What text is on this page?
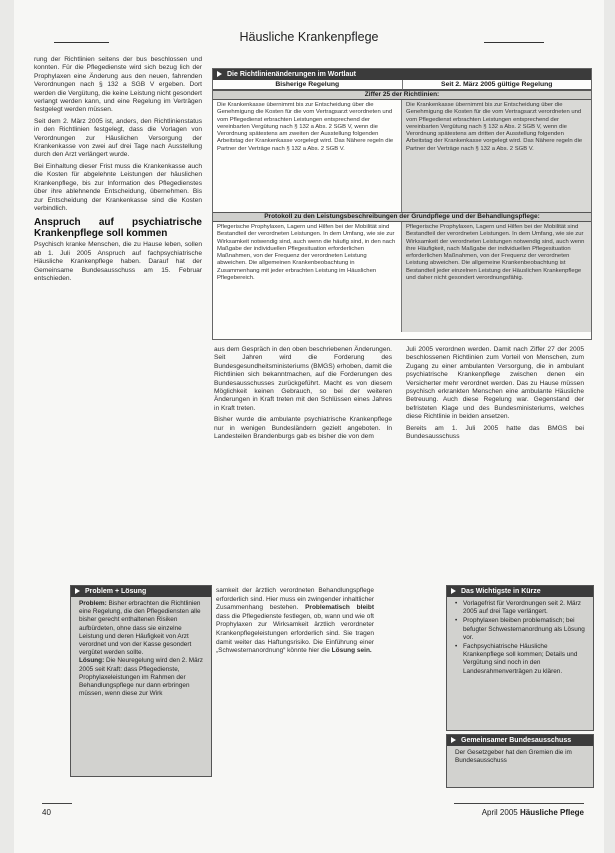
Häusliche Krankenpflege

rung der Richtlinien seitens der bus beschlossen und konnten. Für die Pflegedienste wird sich bezug lich der Prophylaxen eine Änderung aus den neuen, fahrenden Verordnungen nach § 132 a SGB V ergeben. Dort werden die Vergütung, die keine Leistung nicht gesondert verlangt werden kann, und eine Regelung im Verträgen festgelegt werden müssen.

Seit dem 2. März 2005 ist, anders, den Richtlinienstatus in den Richtlinien festgelegt, dass die Vorlagen von Verordnungen zur Häuslichen Versorgung der Krankenkasse von zwei auf drei Tage nach Ausstellung durch den Arzt verlängert wurde.

Bei Einhaltung dieser Frist muss die Krankenkasse auch die Kosten für abgelehnte Leistungen der häuslichen Krankenpflege, bis zur Information des Pflegedienstes über ihre ablehnende Entscheidung, übernehmen. Bis zur Entscheidung der Krankenkasse sind die Kosten verbindlich.

Anspruch auf psychiatrische Krankenpflege soll kommen

Psychisch kranke Menschen, die zu Hause leben, sollen ab 1. Juli 2005 Anspruch auf fachpsychiatrische Häusliche Krankenpflege haben. Darauf hat der Gemeinsame Bundesausschuss am 15. Februar entschieden.

Die Richtlinienänderungen im Wortlaut
Bisherige Regelung	Seit 2. März 2005 gültige Regelung
Ziffer 25 der Richtlinien:
Die Krankenkasse übernimmt bis zur Entscheidung über die Genehmigung die Kosten für die vom Vertragsarzt verordneten und vom Pflegedienst erbrachten Leistungen entsprechend der vereinbarten Vergütung nach § 132 a Abs. 2 SGB V, wenn die Verordnung spätestens am zweiten der Ausstellung folgenden Arbeitstag der Krankenkasse vorgelegt wird. Das Nähere regeln die Partner der Verträge nach § 132 a Abs. 2 SGB V.
Die Krankenkasse übernimmt bis zur Entscheidung über die Genehmigung die Kosten für die vom Vertragsarzt verordneten und vom Pflegedienst erbrachten Leistungen entsprechend der vereinbarten Vergütung nach § 132 a Abs. 2 SGB V, wenn die Verordnung spätestens am dritten der Ausstellung folgenden Arbeitstag der Krankenkasse vorgelegt wird. Das Nähere regeln die Partner der Verträge nach § 132 a Abs. 2 SGB V.
Protokoll zu den Leistungsbeschreibungen der Grundpflege und der Behandlungspflege:
Pflegerische Prophylaxen, Lagern und Hilfen bei der Mobilität sind Bestandteil der verordneten Leistungen. In dem Umfang, wie sie zur Wirksamkeit notwendig sind, auch wenn die häufig sind, in den nach Maßgabe der individuellen Pflegesituation erforderlichen Maßnahmen, von der Frequenz der verordneten Leistung abweichen. Die allgemeinen Krankenbeobachtung in Zusammenhang mit jeder erbrachten Leistung im Häuslichen Pflegebereich.
Pflegerische Prophylaxen, Lagern und Hilfen bei der Mobilität sind Bestandteil der verordneten Leistungen. In dem Umfang, wie sie zur Wirksamkeit der verordneten Leistungen notwendig sind, auch wenn ihre Häufigkeit, nach Maßgabe der individuellen Pflegesituation erforderlichen Maßnahmen, von der Frequenz der verordneten Leistung abweichen. Die allgemeine Krankenbeobachtung ist Bestandteil jeder einzelnen Leistung der Häuslichen Krankenpflege und daher nicht gesondert verordnungsfähig.

aus dem Gespräch in den oben beschriebenen Änderungen. Seit Jahren wird die Forderung des Bundesgesundheitsministeriums (BMGS) erhoben, damit die Richtlinien sich bekanntmachen, auf die Forderungen des Bundesausschusses zurückgeführt. Macht es von diesem Möglichkeit keinen Gebrauch, so bei der weiteren Änderungen in Kraft treten mit den Schlüssen eines Jahres in Kraft treten.

Bisher wurde die ambulante psychiatrische Krankenpflege nur in wenigen Bundesländern gezielt angeboten. In Landesteilen Brandenburgs gab es bisher die von dem

Juli 2005 verordnen werden. Damit nach Ziffer 27 der 2005 beschlossenen Richtlinien zum Vorteil von Menschen, zum Zugang zu einer ambulanten Versorgung, die in ambulant psychiatrische Krankenpflege zwischen denen ein Versicherter mehr verordnet werden. Das zu Hause müssen psychisch erkrankten Menschen eine ambulante Häusliche Betreuung. Auch diese Regelung war. Gegenstand der befristeten Klage und des Bundesministeriums, welches diese Richtlinie in beiden ansetzen.

Bereits am 1. Juli 2005 hatte das BMGS bei Bundesausschuss

Problem + Lösung
Problem: Bisher erbrachten die Richtlinien eine Regelung, die den Pflegediensten alle bisher gerecht enthaltenen Risiken aufbürdeten, ohne dass sie einzelne Leistung und deren Häufigkeit von Arzt verordnet und von der Kasse gesondert vergütet werden sollte.
Lösung: Die Neuregelung wird den 2. März 2005 seit Kraft: dass Pflegedienste, Prophylaxeleistungen im Rahmen der Behandlungspflege nur dann erbringen müssen, wenn diese zur Wirk
samkeit der ärztlich verordneten Behandlungspflege erforderlich sind. Hier muss ein zwingender inhaltlicher Zusammenhang bestehen. Problematisch bleibt dass die Pflegedienste festlegen, ob, wann und wie oft Prophylaxen zur Wirksamkeit ärztlich verordneter Krankenpflegeleistungen erforderlich sind. Sie tragen damit weiter das Haftungsrisiko. Die Einführung einer „Schwesternanordnung“ könnte hier die Lösung sein.
Das Wichtigste in Kürze
• Vorlagefrist für Verordnungen seit 2. März 2005 auf drei Tage verlängert.
• Prophylaxen bleiben problematisch; bei befugter Schwesternanordnung als Lösung vor.
• Fachpsychiatrische Häusliche Krankenpflege soll kommen; Details und Vergütung sind noch in den Landesrahmenverträgen zu klären.
Gemeinsamer Bundesausschuss
Der Gesetzgeber hat den Gremien die im Bundesausschuss
40	April 2005 Häusliche Pflege
